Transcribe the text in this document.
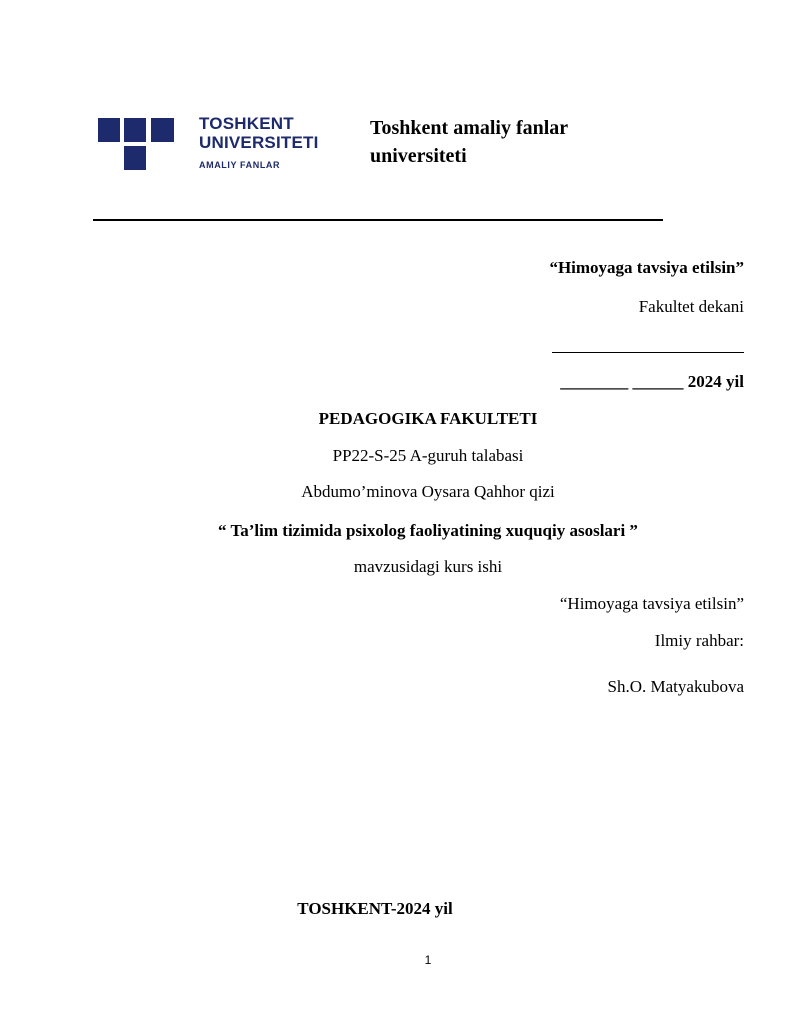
TOSHKENT
UNIVERSITETI
AMALIY FANLAR
Toshkent amaliy fanlar
universiteti
“Himoyaga tavsiya etilsin”
Fakultet dekani
________ ______ 2024 yil
PEDAGOGIKA FAKULTETI
PP22-S-25 A-guruh talabasi
Abdumo’minova Oysara Qahhor qizi
“ Ta’lim tizimida psixolog faoliyatining xuquqiy asoslari ”
mavzusidagi kurs ishi
“Himoyaga tavsiya etilsin”
Ilmiy rahbar:
Sh.O. Matyakubova
TOSHKENT-2024 yil
1
